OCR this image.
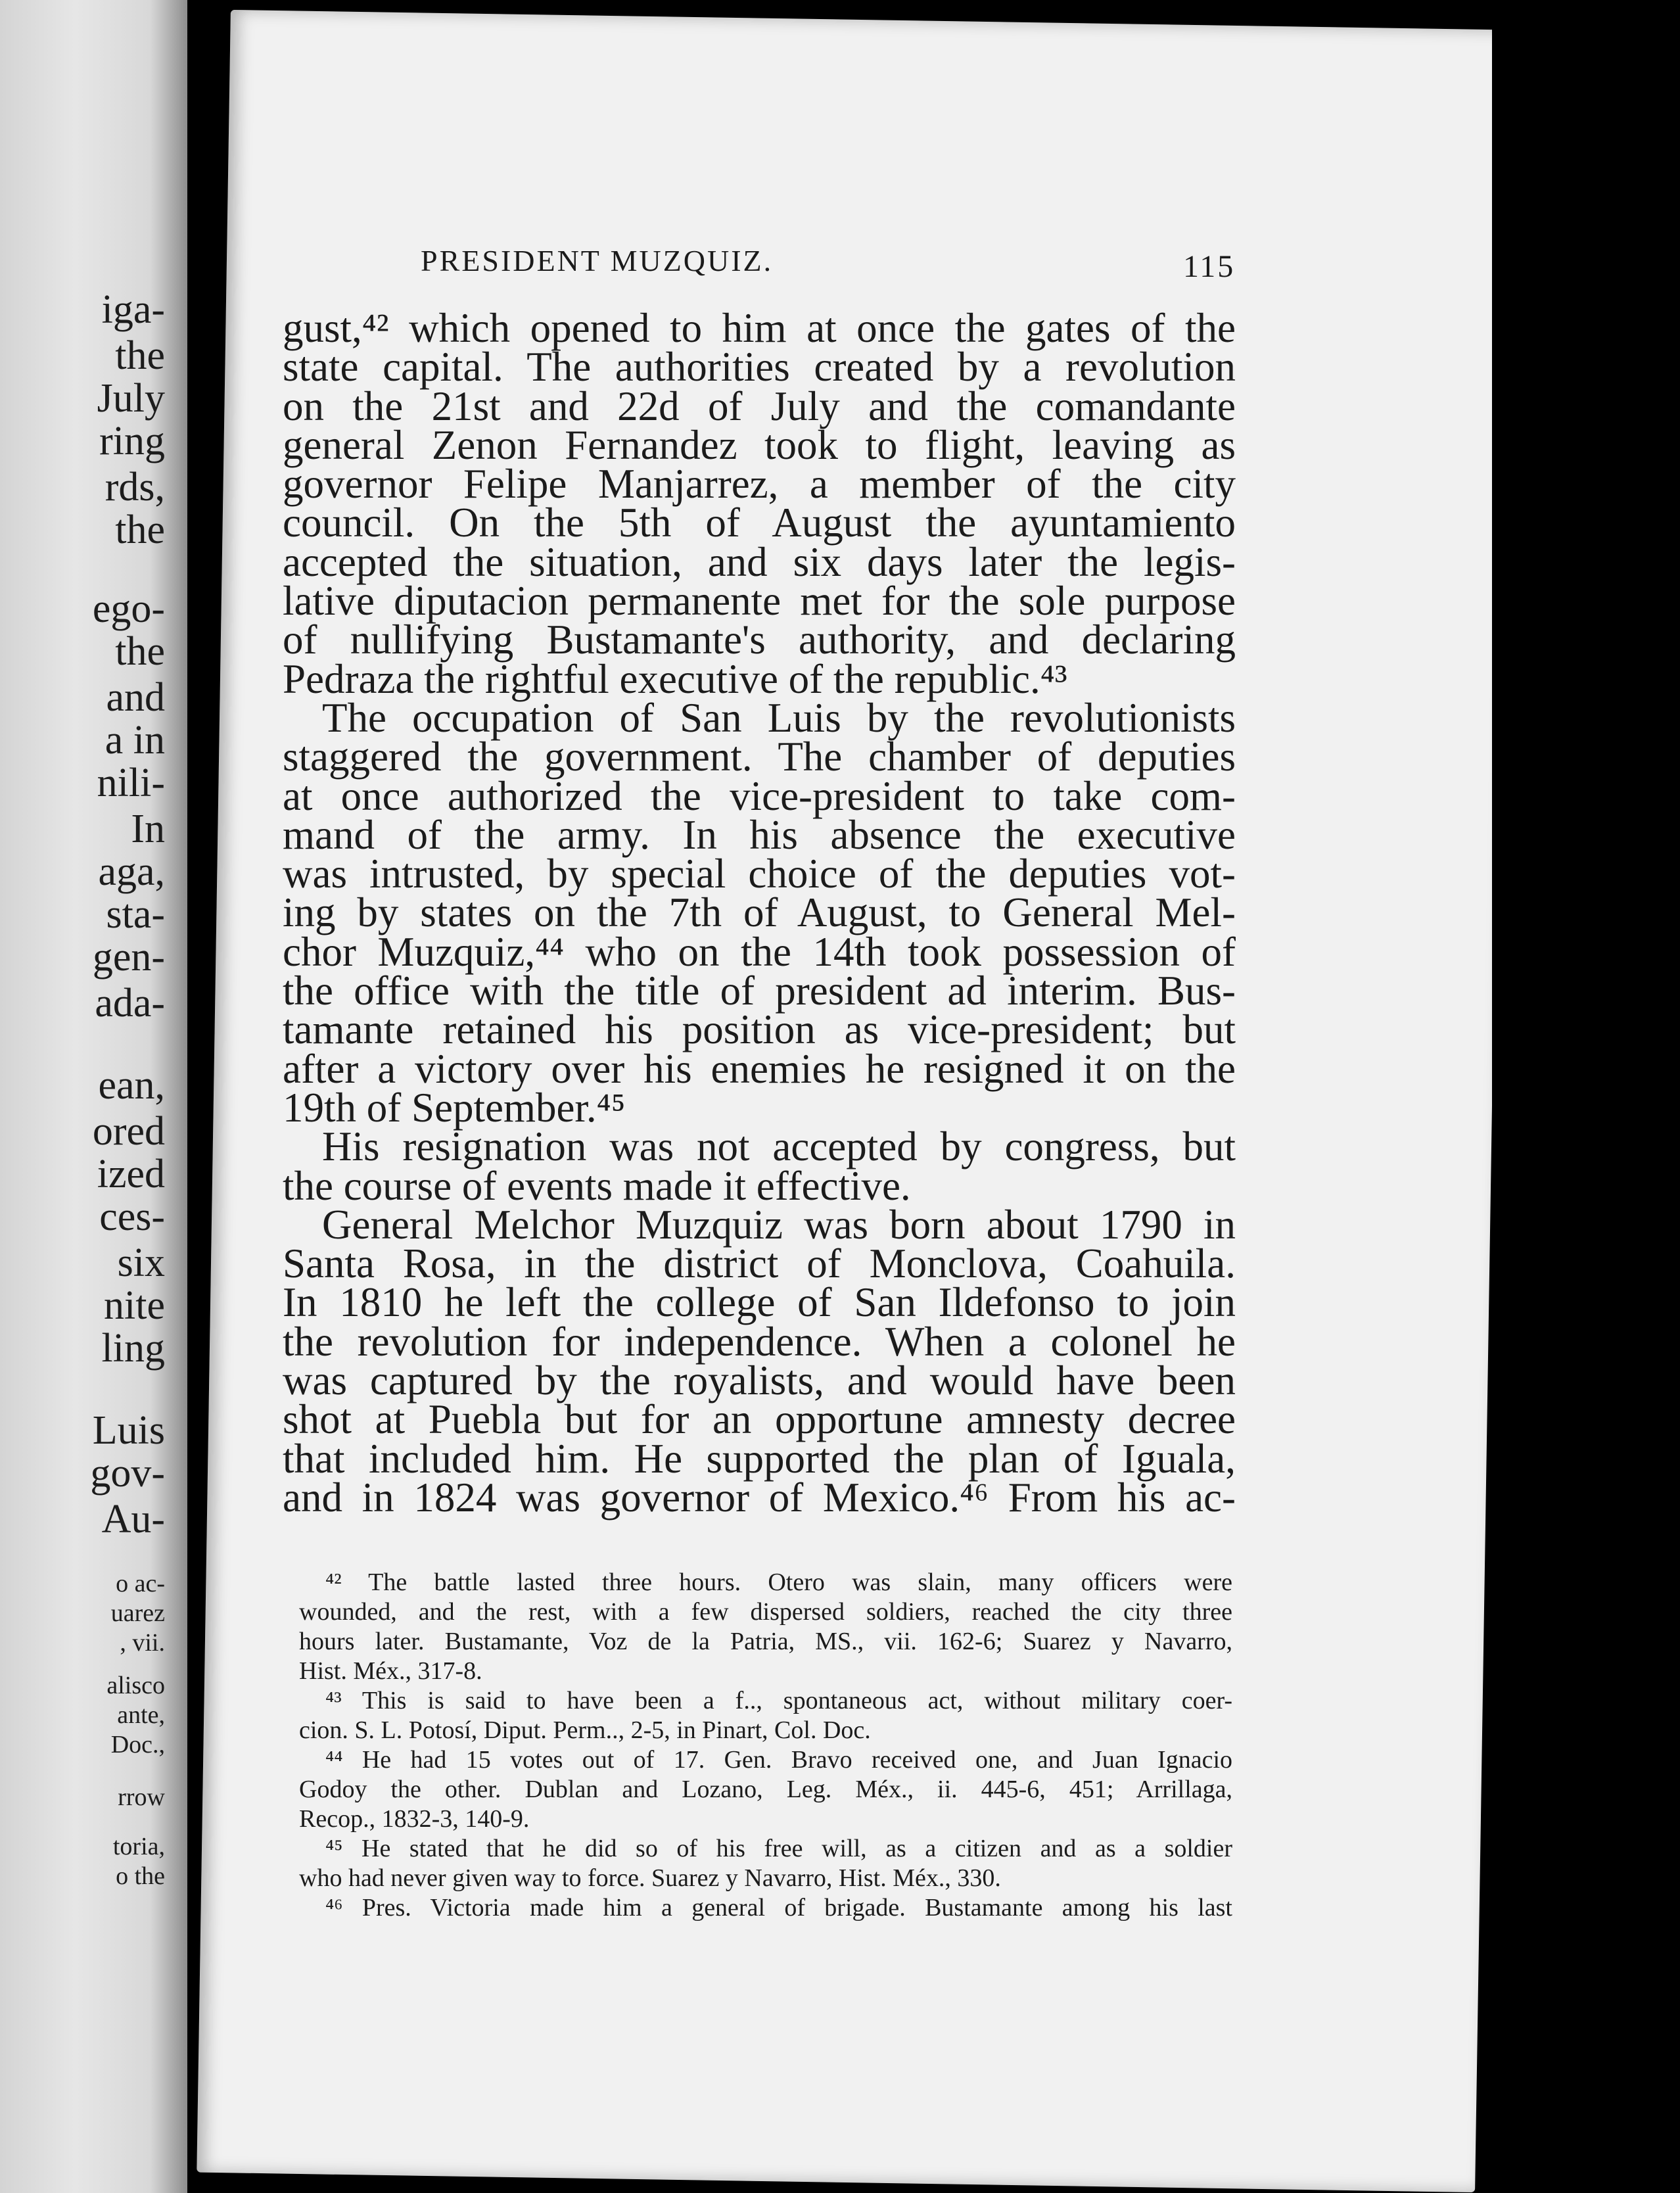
iga-
the
July
ring
rds,
the
ego-
the
and
a in
nili-
In
aga,
sta-
gen-
ada-
ean,
ored
ized
ces-
six
nite
ling
Luis
gov-
Au-
o ac-
uarez
, vii.
alisco
ante,
Doc.,
rrow
toria,
o the
PRESIDENT MUZQUIZ.	115
gust,⁴² which opened to him at once the gates of the
state capital. The authorities created by a revolution
on the 21st and 22d of July and the comandante
general Zenon Fernandez took to flight, leaving as
governor Felipe Manjarrez, a member of the city
council. On the 5th of August the ayuntamiento
accepted the situation, and six days later the legis-
lative diputacion permanente met for the sole purpose
of nullifying Bustamante's authority, and declaring
Pedraza the rightful executive of the republic.⁴³
The occupation of San Luis by the revolutionists
staggered the government. The chamber of deputies
at once authorized the vice-president to take com-
mand of the army. In his absence the executive
was intrusted, by special choice of the deputies vot-
ing by states on the 7th of August, to General Mel-
chor Muzquiz,⁴⁴ who on the 14th took possession of
the office with the title of president ad interim. Bus-
tamante retained his position as vice-president; but
after a victory over his enemies he resigned it on the
19th of September.⁴⁵
His resignation was not accepted by congress, but
the course of events made it effective.
General Melchor Muzquiz was born about 1790 in
Santa Rosa, in the district of Monclova, Coahuila.
In 1810 he left the college of San Ildefonso to join
the revolution for independence. When a colonel he
was captured by the royalists, and would have been
shot at Puebla but for an opportune amnesty decree
that included him. He supported the plan of Iguala,
and in 1824 was governor of Mexico.⁴⁶ From his ac-
⁴² The battle lasted three hours. Otero was slain, many officers were
wounded, and the rest, with a few dispersed soldiers, reached the city three
hours later. Bustamante, Voz de la Patria, MS., vii. 162-6; Suarez y Navarro,
Hist. Méx., 317-8.
⁴³ This is said to have been a f.., spontaneous act, without military coer-
cion. S. L. Potosí, Diput. Perm.., 2-5, in Pinart, Col. Doc.
⁴⁴ He had 15 votes out of 17. Gen. Bravo received one, and Juan Ignacio
Godoy the other. Dublan and Lozano, Leg. Méx., ii. 445-6, 451; Arrillaga,
Recop., 1832-3, 140-9.
⁴⁵ He stated that he did so of his free will, as a citizen and as a soldier
who had never given way to force. Suarez y Navarro, Hist. Méx., 330.
⁴⁶ Pres. Victoria made him a general of brigade. Bustamante among his last
